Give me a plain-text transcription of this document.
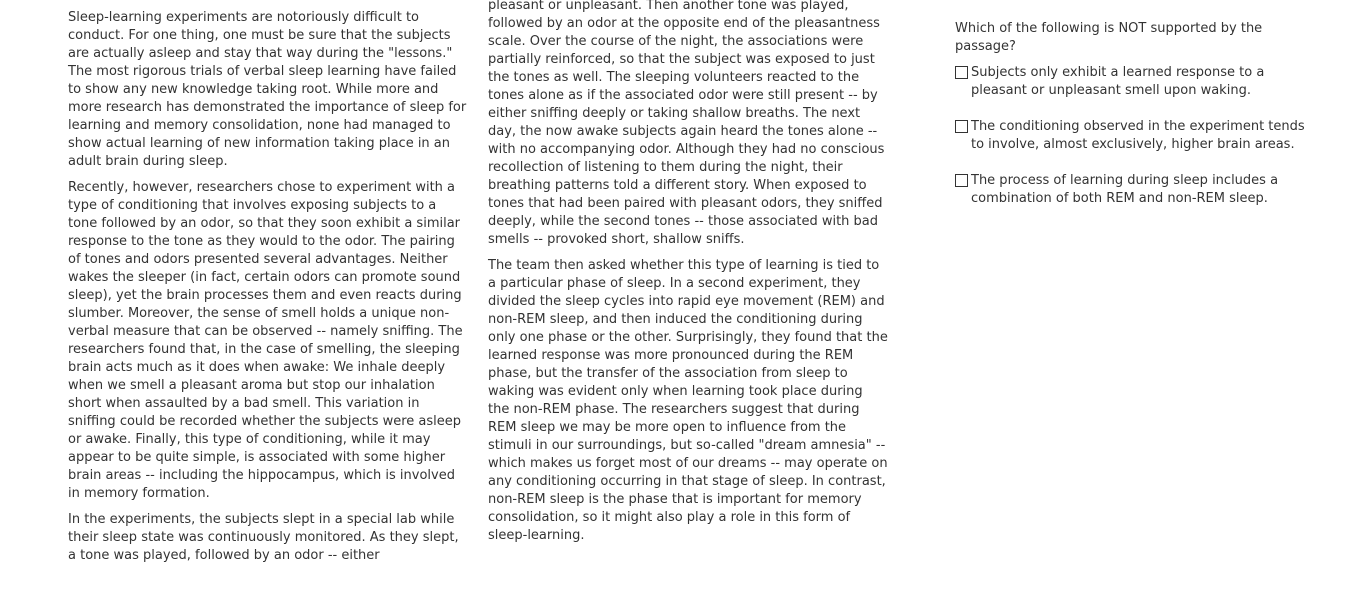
Sleep-learning experiments are notoriously difficult to conduct. For one thing, one must be sure that the subjects are actually asleep and stay that way during the "lessons." The most rigorous trials of verbal sleep learning have failed to show any new knowledge taking root. While more and more research has demonstrated the importance of sleep for learning and memory consolidation, none had managed to show actual learning of new information taking place in an adult brain during sleep.

Recently, however, researchers chose to experiment with a type of conditioning that involves exposing subjects to a tone followed by an odor, so that they soon exhibit a similar response to the tone as they would to the odor. The pairing of tones and odors presented several advantages. Neither wakes the sleeper (in fact, certain odors can promote sound sleep), yet the brain processes them and even reacts during slumber. Moreover, the sense of smell holds a unique non-verbal measure that can be observed -- namely sniffing. The researchers found that, in the case of smelling, the sleeping brain acts much as it does when awake: We inhale deeply when we smell a pleasant aroma but stop our inhalation short when assaulted by a bad smell. This variation in sniffing could be recorded whether the subjects were asleep or awake. Finally, this type of conditioning, while it may appear to be quite simple, is associated with some higher brain areas -- including the hippocampus, which is involved in memory formation.

In the experiments, the subjects slept in a special lab while their sleep state was continuously monitored. As they slept, a tone was played, followed by an odor -- either

pleasant or unpleasant. Then another tone was played, followed by an odor at the opposite end of the pleasantness scale. Over the course of the night, the associations were partially reinforced, so that the subject was exposed to just the tones as well. The sleeping volunteers reacted to the tones alone as if the associated odor were still present -- by either sniffing deeply or taking shallow breaths. The next day, the now awake subjects again heard the tones alone -- with no accompanying odor. Although they had no conscious recollection of listening to them during the night, their breathing patterns told a different story. When exposed to tones that had been paired with pleasant odors, they sniffed deeply, while the second tones -- those associated with bad smells -- provoked short, shallow sniffs.

The team then asked whether this type of learning is tied to a particular phase of sleep. In a second experiment, they divided the sleep cycles into rapid eye movement (REM) and non-REM sleep, and then induced the conditioning during only one phase or the other. Surprisingly, they found that the learned response was more pronounced during the REM phase, but the transfer of the association from sleep to waking was evident only when learning took place during the non-REM phase. The researchers suggest that during REM sleep we may be more open to influence from the stimuli in our surroundings, but so-called "dream amnesia" -- which makes us forget most of our dreams -- may operate on any conditioning occurring in that stage of sleep. In contrast, non-REM sleep is the phase that is important for memory consolidation, so it might also play a role in this form of sleep-learning.

Which of the following is NOT supported by the passage?

Subjects only exhibit a learned response to a pleasant or unpleasant smell upon waking.
The conditioning observed in the experiment tends to involve, almost exclusively, higher brain areas.
The process of learning during sleep includes a combination of both REM and non-REM sleep.
